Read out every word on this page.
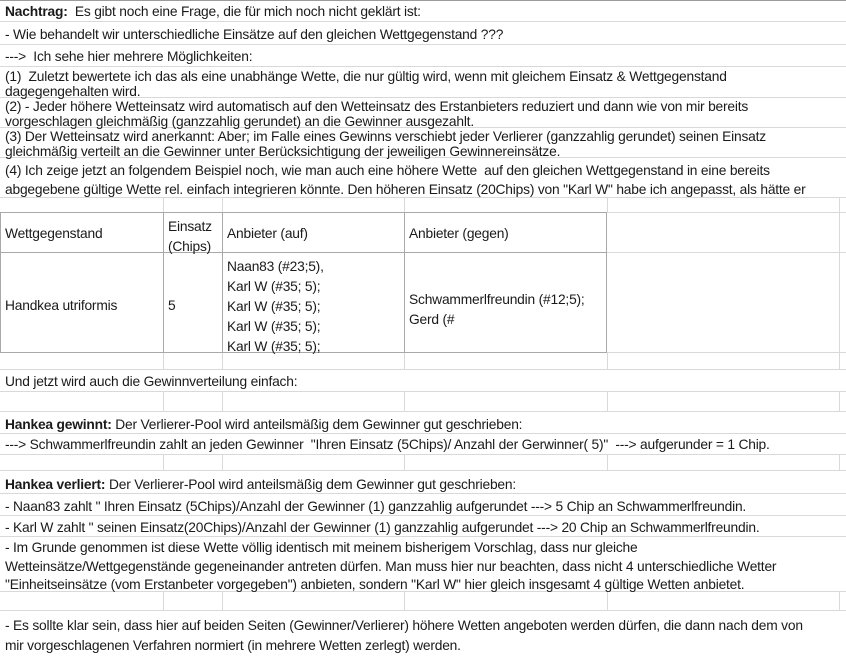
Nachtrag:  Es gibt noch eine Frage, die für mich noch nicht geklärt ist:
- Wie behandelt wir unterschiedliche Einsätze auf den gleichen Wettgegenstand ???
--->  Ich sehe hier mehrere Möglichkeiten:
(1)  Zuletzt bewertete ich das als eine unabhänge Wette, die nur gültig wird, wenn mit gleichem Einsatz & Wettgegenstand
dagegengehalten wird.
(2) - Jeder höhere Wetteinsatz wird automatisch auf den Wetteinsatz des Erstanbieters reduziert und dann wie von mir bereits
vorgeschlagen gleichmäßig (ganzzahlig gerundet) an die Gewinner ausgezahlt.
(3) Der Wetteinsatz wird anerkannt: Aber; im Falle eines Gewinns verschiebt jeder Verlierer (ganzzahlig gerundet) seinen Einsatz
gleichmäßig verteilt an die Gewinner unter Berücksichtigung der jeweiligen Gewinnereinsätze.
(4) Ich zeige jetzt an folgendem Beispiel noch, wie man auch eine höhere Wette  auf den gleichen Wettgegenstand in eine bereits
abgegebene gültige Wette rel. einfach integrieren könnte. Den höheren Einsatz (20Chips) von "Karl W" habe ich angepasst, als hätte er
Wettgegenstand
Handkea utriformis
Einsatz
(Chips)
5
Anbieter (auf)
Naan83 (#23;5),
Karl W (#35; 5);
Karl W (#35; 5);
Karl W (#35; 5);
Karl W (#35; 5);
Anbieter (gegen)
Schwammerlfreundin (#12;5);
Gerd (#
Und jetzt wird auch die Gewinnverteilung einfach:
Hankea gewinnt: Der Verlierer-Pool wird anteilsmäßig dem Gewinner gut geschrieben:
---> Schwammerlfreundin zahlt an jeden Gewinner  "Ihren Einsatz (5Chips)/ Anzahl der Gerwinner( 5)"  ---> aufgerunder = 1 Chip.
Hankea verliert: Der Verlierer-Pool wird anteilsmäßig dem Gewinner gut geschrieben:
- Naan83 zahlt " Ihren Einsatz (5Chips)/Anzahl der Gewinner (1) ganzzahlig aufgerundet ---> 5 Chip an Schwammerlfreundin.
- Karl W zahlt " seinen Einsatz(20Chips)/Anzahl der Gewinner (1) ganzzahlig aufgerundet ---> 20 Chip an Schwammerlfreundin.
- Im Grunde genommen ist diese Wette völlig identisch mit meinem bisherigem Vorschlag, dass nur gleiche
Wetteinsätze/Wettgegenstände gegeneinander antreten dürfen. Man muss hier nur beachten, dass nicht 4 unterschiedliche Wetter
"Einheitseinsätze (vom Erstanbeter vorgegeben") anbieten, sondern "Karl W" hier gleich insgesamt 4 gültige Wetten anbietet.
- Es sollte klar sein, dass hier auf beiden Seiten (Gewinner/Verlierer) höhere Wetten angeboten werden dürfen, die dann nach dem von
mir vorgeschlagenen Verfahren normiert (in mehrere Wetten zerlegt) werden.
